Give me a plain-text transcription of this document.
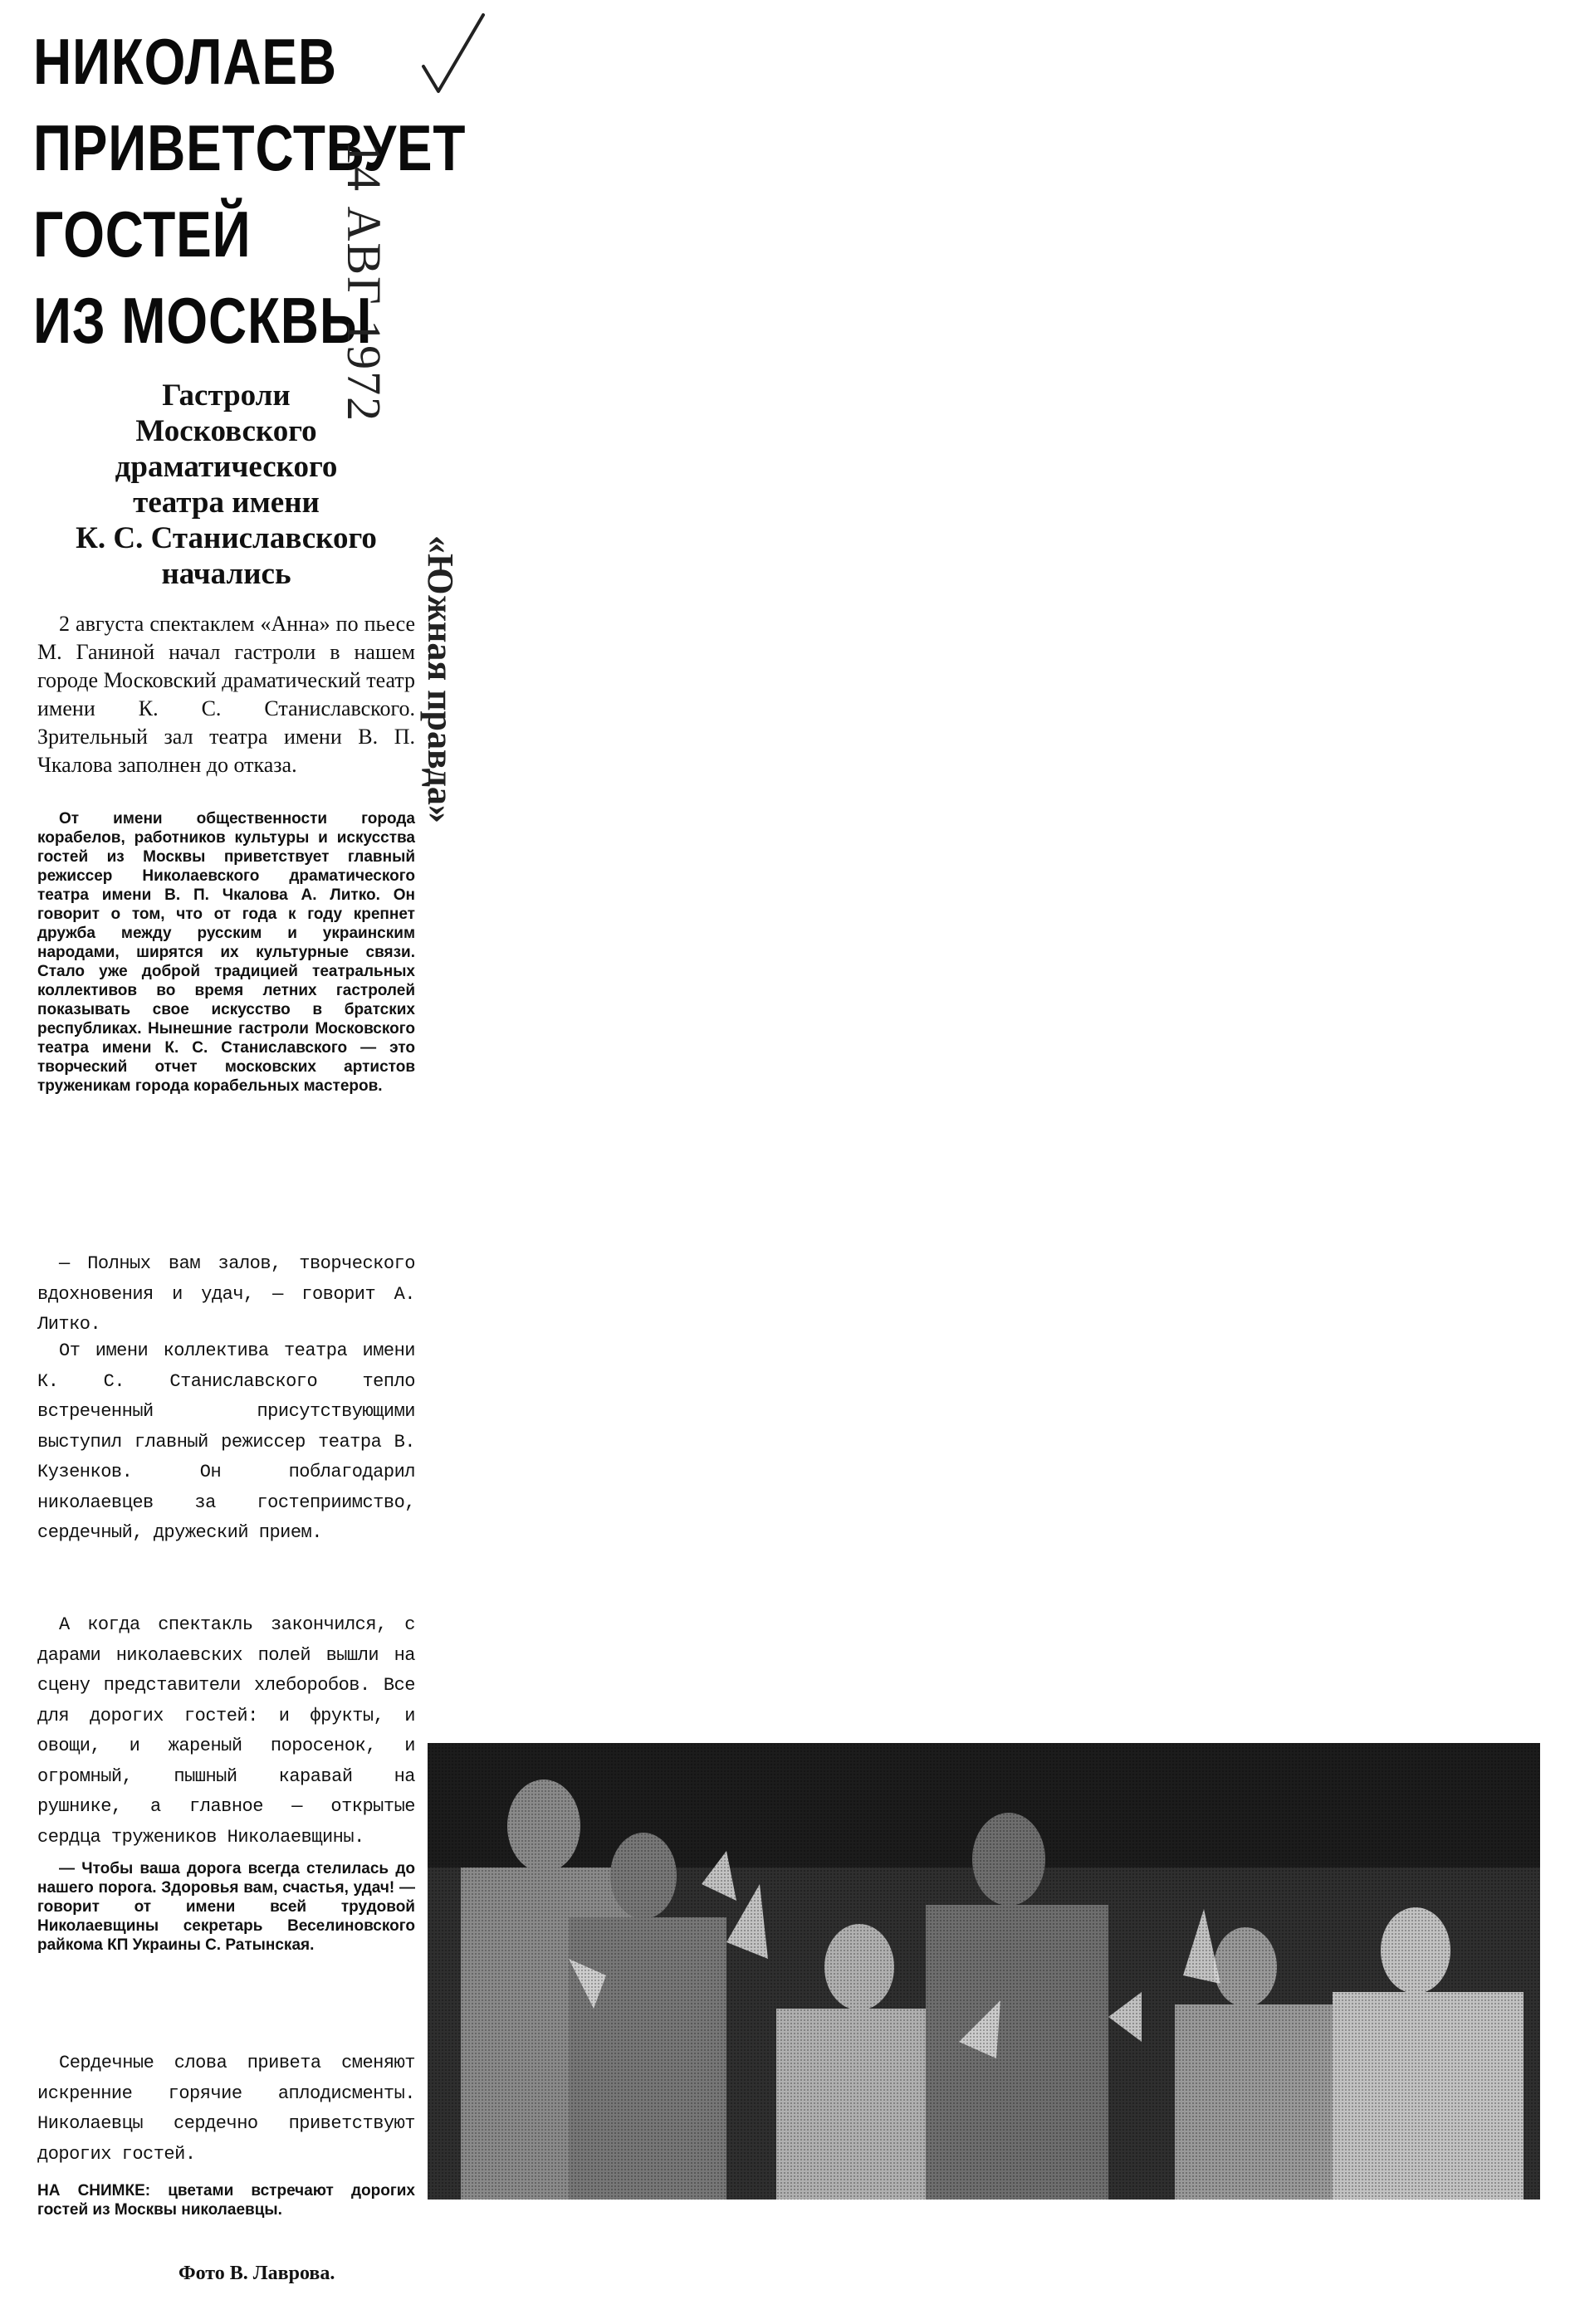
НИКОЛАЕВ
ПРИВЕТСТВУЕТ
ГОСТЕЙ
ИЗ МОСКВЫ
14 АВГ 1972
«Южная правда»
Гастроли
Московского
драматического
театра имени
К. С. Станиславского
начались

2 августа спектаклем «Анна» по пьесе М. Ганиной начал гастроли в нашем городе Московский драматический театр имени К. С. Станиславского. Зрительный зал театра имени В. П. Чкалова заполнен до отказа.

От имени общественности города корабелов, работников культуры и искусства гостей из Москвы приветствует главный режиссер Николаевского драматического театра имени В. П. Чкалова А. Литко. Он говорит о том, что от года к году крепнет дружба между русским и украинским народами, ширятся их культурные связи. Стало уже доброй традицией театральных коллективов во время летних гастролей показывать свое искусство в братских республиках. Нынешние гастроли Московского театра имени К. С. Станиславского — это творческий отчет московских артистов труженикам города корабельных мастеров.

— Полных вам залов, творческого вдохновения и удач, — говорит А. Литко.

От имени коллектива театра имени К. С. Станиславского тепло встреченный присутствующими выступил главный режиссер театра В. Кузенков. Он поблагодарил николаевцев за гостеприимство, сердечный, дружеский прием.

А когда спектакль закончился, с дарами николаевских полей вышли на сцену представители хлеборобов. Все для дорогих гостей: и фрукты, и овощи, и жареный поросенок, и огромный, пышный каравай на рушнике, а главное — открытые сердца тружеников Николаевщины.

— Чтобы ваша дорога всегда стелилась до нашего порога. Здоровья вам, счастья, удач! — говорит от имени всей трудовой Николаевщины секретарь Веселиновского райкома КП Украины С. Ратынская.

Сердечные слова привета сменяют искренние горячие аплодисменты. Николаевцы сердечно приветствуют дорогих гостей.

НА СНИМКЕ: цветами встречают дорогих гостей из Москвы николаевцы.

Фото В. Лаврова.
